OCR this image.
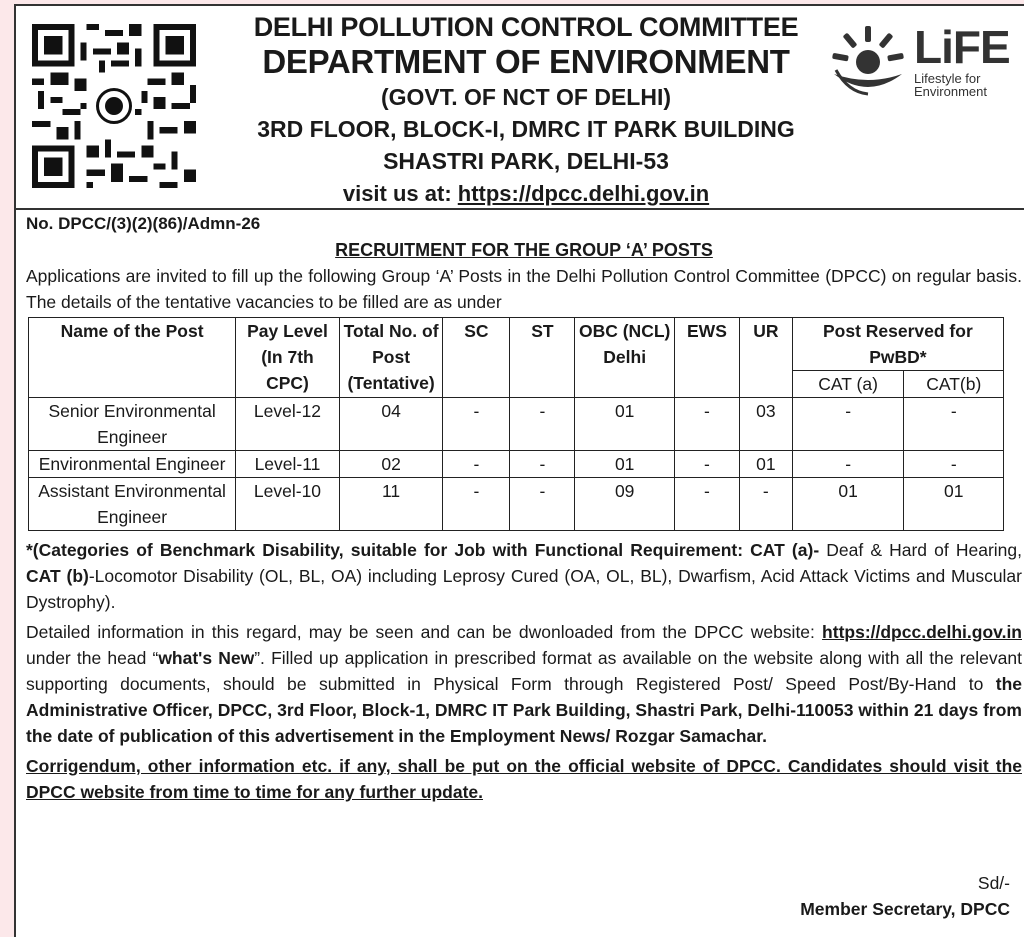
DELHI POLLUTION CONTROL COMMITTEE
DEPARTMENT OF ENVIRONMENT
(GOVT. OF NCT OF DELHI)
3RD FLOOR, BLOCK-I, DMRC IT PARK BUILDING
SHASTRI PARK, DELHI-53
visit us at: https://dpcc.delhi.gov.in
LiFE
Lifestyle for
Environment
No. DPCC/(3)(2)(86)/Admn-26
RECRUITMENT FOR THE GROUP ‘A’ POSTS

Applications are invited to fill up the following Group ‘A’ Posts in the Delhi Pollution Control Committee (DPCC) on regular basis. The details of the tentative vacancies to be filled are as under

Name of the Post	Pay Level (In 7th CPC)	Total No. of Post (Tentative)	SC	ST	OBC (NCL) Delhi	EWS	UR	Post Reserved for PwBD*	
								CAT (a)	CAT(b)
Senior Environmental Engineer	Level-12	04	-	-	01	-	03	-	-
Environmental Engineer	Level-11	02	-	-	01	-	01	-	-
Assistant Environmental Engineer	Level-10	11	-	-	09	-	-	01	01

*(Categories of Benchmark Disability, suitable for Job with Functional Requirement: CAT (a)- Deaf & Hard of Hearing, CAT (b)-Locomotor Disability (OL, BL, OA) including Leprosy Cured (OA, OL, BL), Dwarfism, Acid Attack Victims and Muscular Dystrophy).

Detailed information in this regard, may be seen and can be dwonloaded from the DPCC website: https://dpcc.delhi.gov.in under the head “what's New”. Filled up application in prescribed format as available on the website along with all the relevant supporting documents, should be submitted in Physical Form through Registered Post/ Speed Post/By-Hand to the Administrative Officer, DPCC, 3rd Floor, Block-1, DMRC IT Park Building, Shastri Park, Delhi-110053 within 21 days from the date of publication of this advertisement in the Employment News/ Rozgar Samachar.

Corrigendum, other information etc. if any, shall be put on the official website of DPCC. Candidates should visit the DPCC website from time to time for any further update.

Sd/-
Member Secretary, DPCC
